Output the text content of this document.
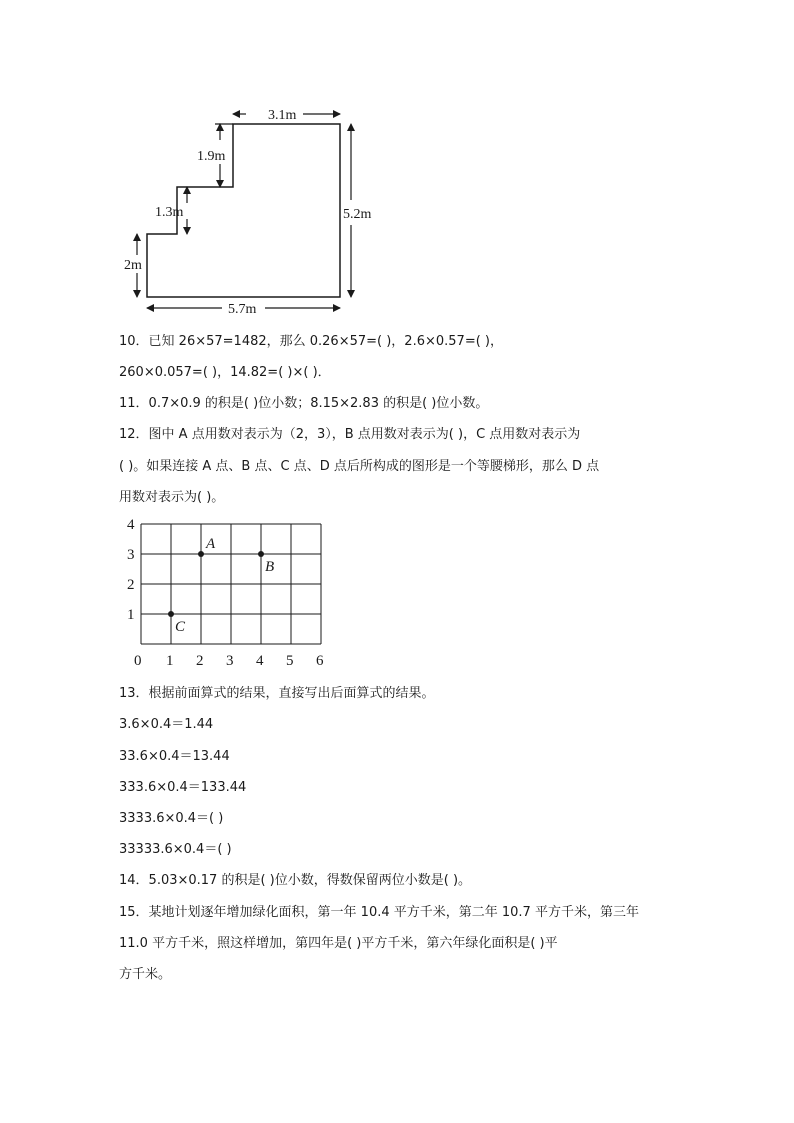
3.1m
5.2m
5.7m
1.9m
1.3m
2m
10．已知 26×57=1482，那么 0.26×57=( )，2.6×0.57=( )，
260×0.057=( )，14.82=( )×( )．
11．0.7×0.9 的积是( )位小数；8.15×2.83 的积是( )位小数。
12．图中 A 点用数对表示为（2，3），B 点用数对表示为( )，C 点用数对表示为
( )。如果连接 A 点、B 点、C 点、D 点后所构成的图形是一个等腰梯形，那么 D 点
用数对表示为( )。
0 1 2 3 4 5 6
4
3
2
1
A
B
C
13．根据前面算式的结果，直接写出后面算式的结果。
3.6×0.4＝1.44
33.6×0.4＝13.44
333.6×0.4＝133.44
3333.6×0.4＝( )
33333.6×0.4＝( )
14．5.03×0.17 的积是( )位小数，得数保留两位小数是( )。
15．某地计划逐年增加绿化面积，第一年 10.4 平方千米，第二年 10.7 平方千米，第三年
11.0 平方千米，照这样增加，第四年是( )平方千米，第六年绿化面积是( )平
方千米。
